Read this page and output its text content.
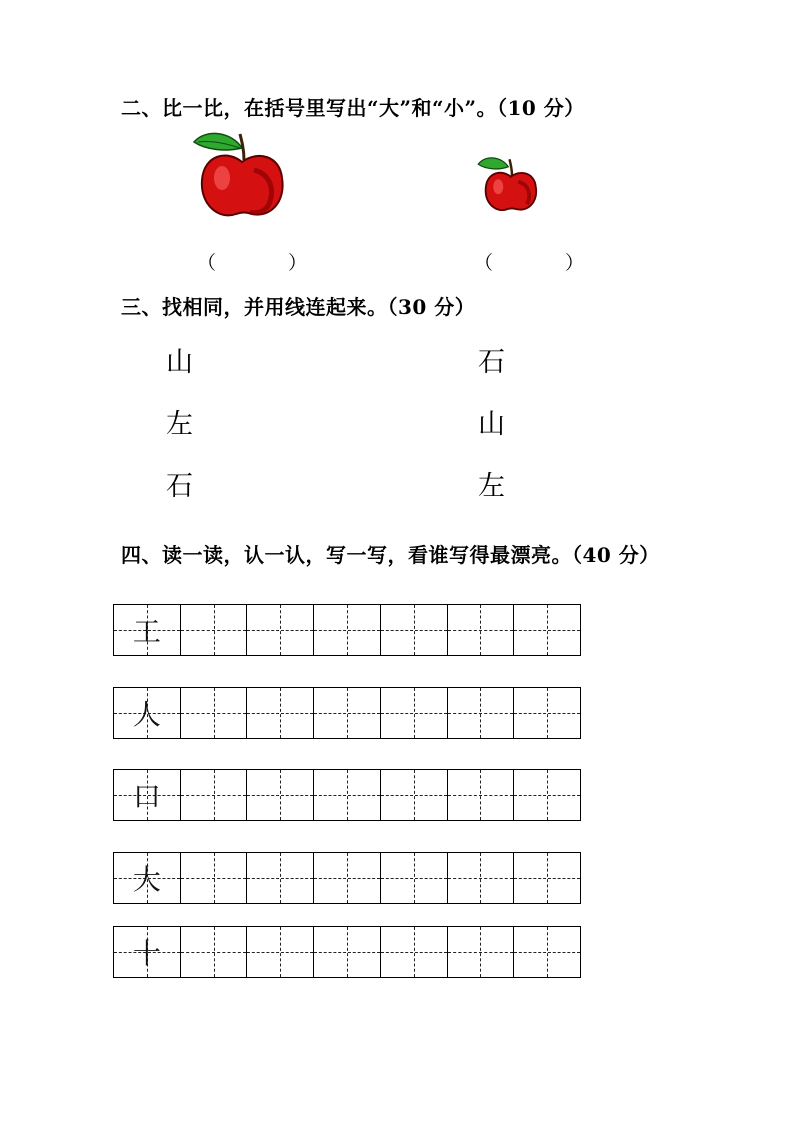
二、比一比，在括号里写出“大”和“小”。（10 分）
（	）	（	）
三、找相同，并用线连起来。（30 分）
山
左
石
石
山
左
四、读一读，认一认，写一写，看谁写得最漂亮。（40 分）
工
人
口
大
十
